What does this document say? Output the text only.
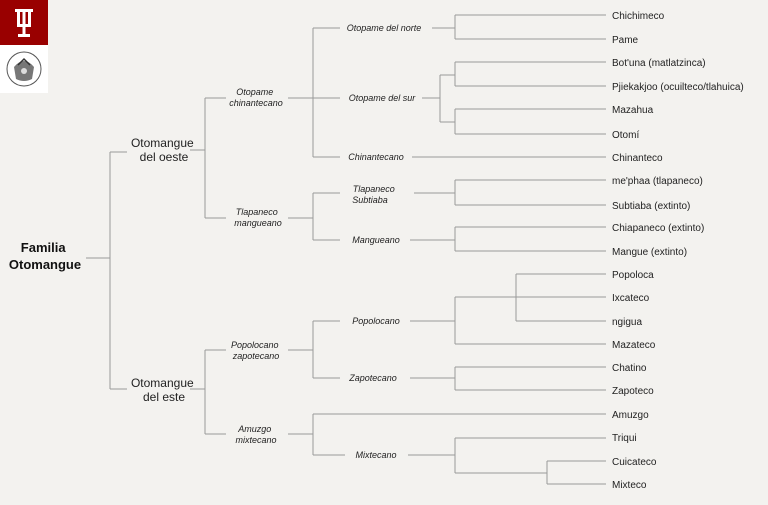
Familia Otomangue
Otomangue del oeste
Otomangue del este
Otopame chinantecano
Tlapaneco mangueano
Popolocano zapotecano
Amuzgo mixtecano
Otopame del norte
Otopame del sur
Chinantecano
Tlapaneco Subtiaba
Mangueano
Popolocano
Zapotecano
Mixtecano
Chichimeco
Pame
Bot'una (matlatzinca)
Pjiekakjoo (ocuilteco/tlahuica)
Mazahua
Otomí
Chinanteco
me'phaa (tlapaneco)
Subtiaba (extinto)
Chiapaneco (extinto)
Mangue (extinto)
Popoloca
Ixcateco
ngigua
Mazateco
Chatino
Zapoteco
Amuzgo
Triqui
Cuicateco
Mixteco
